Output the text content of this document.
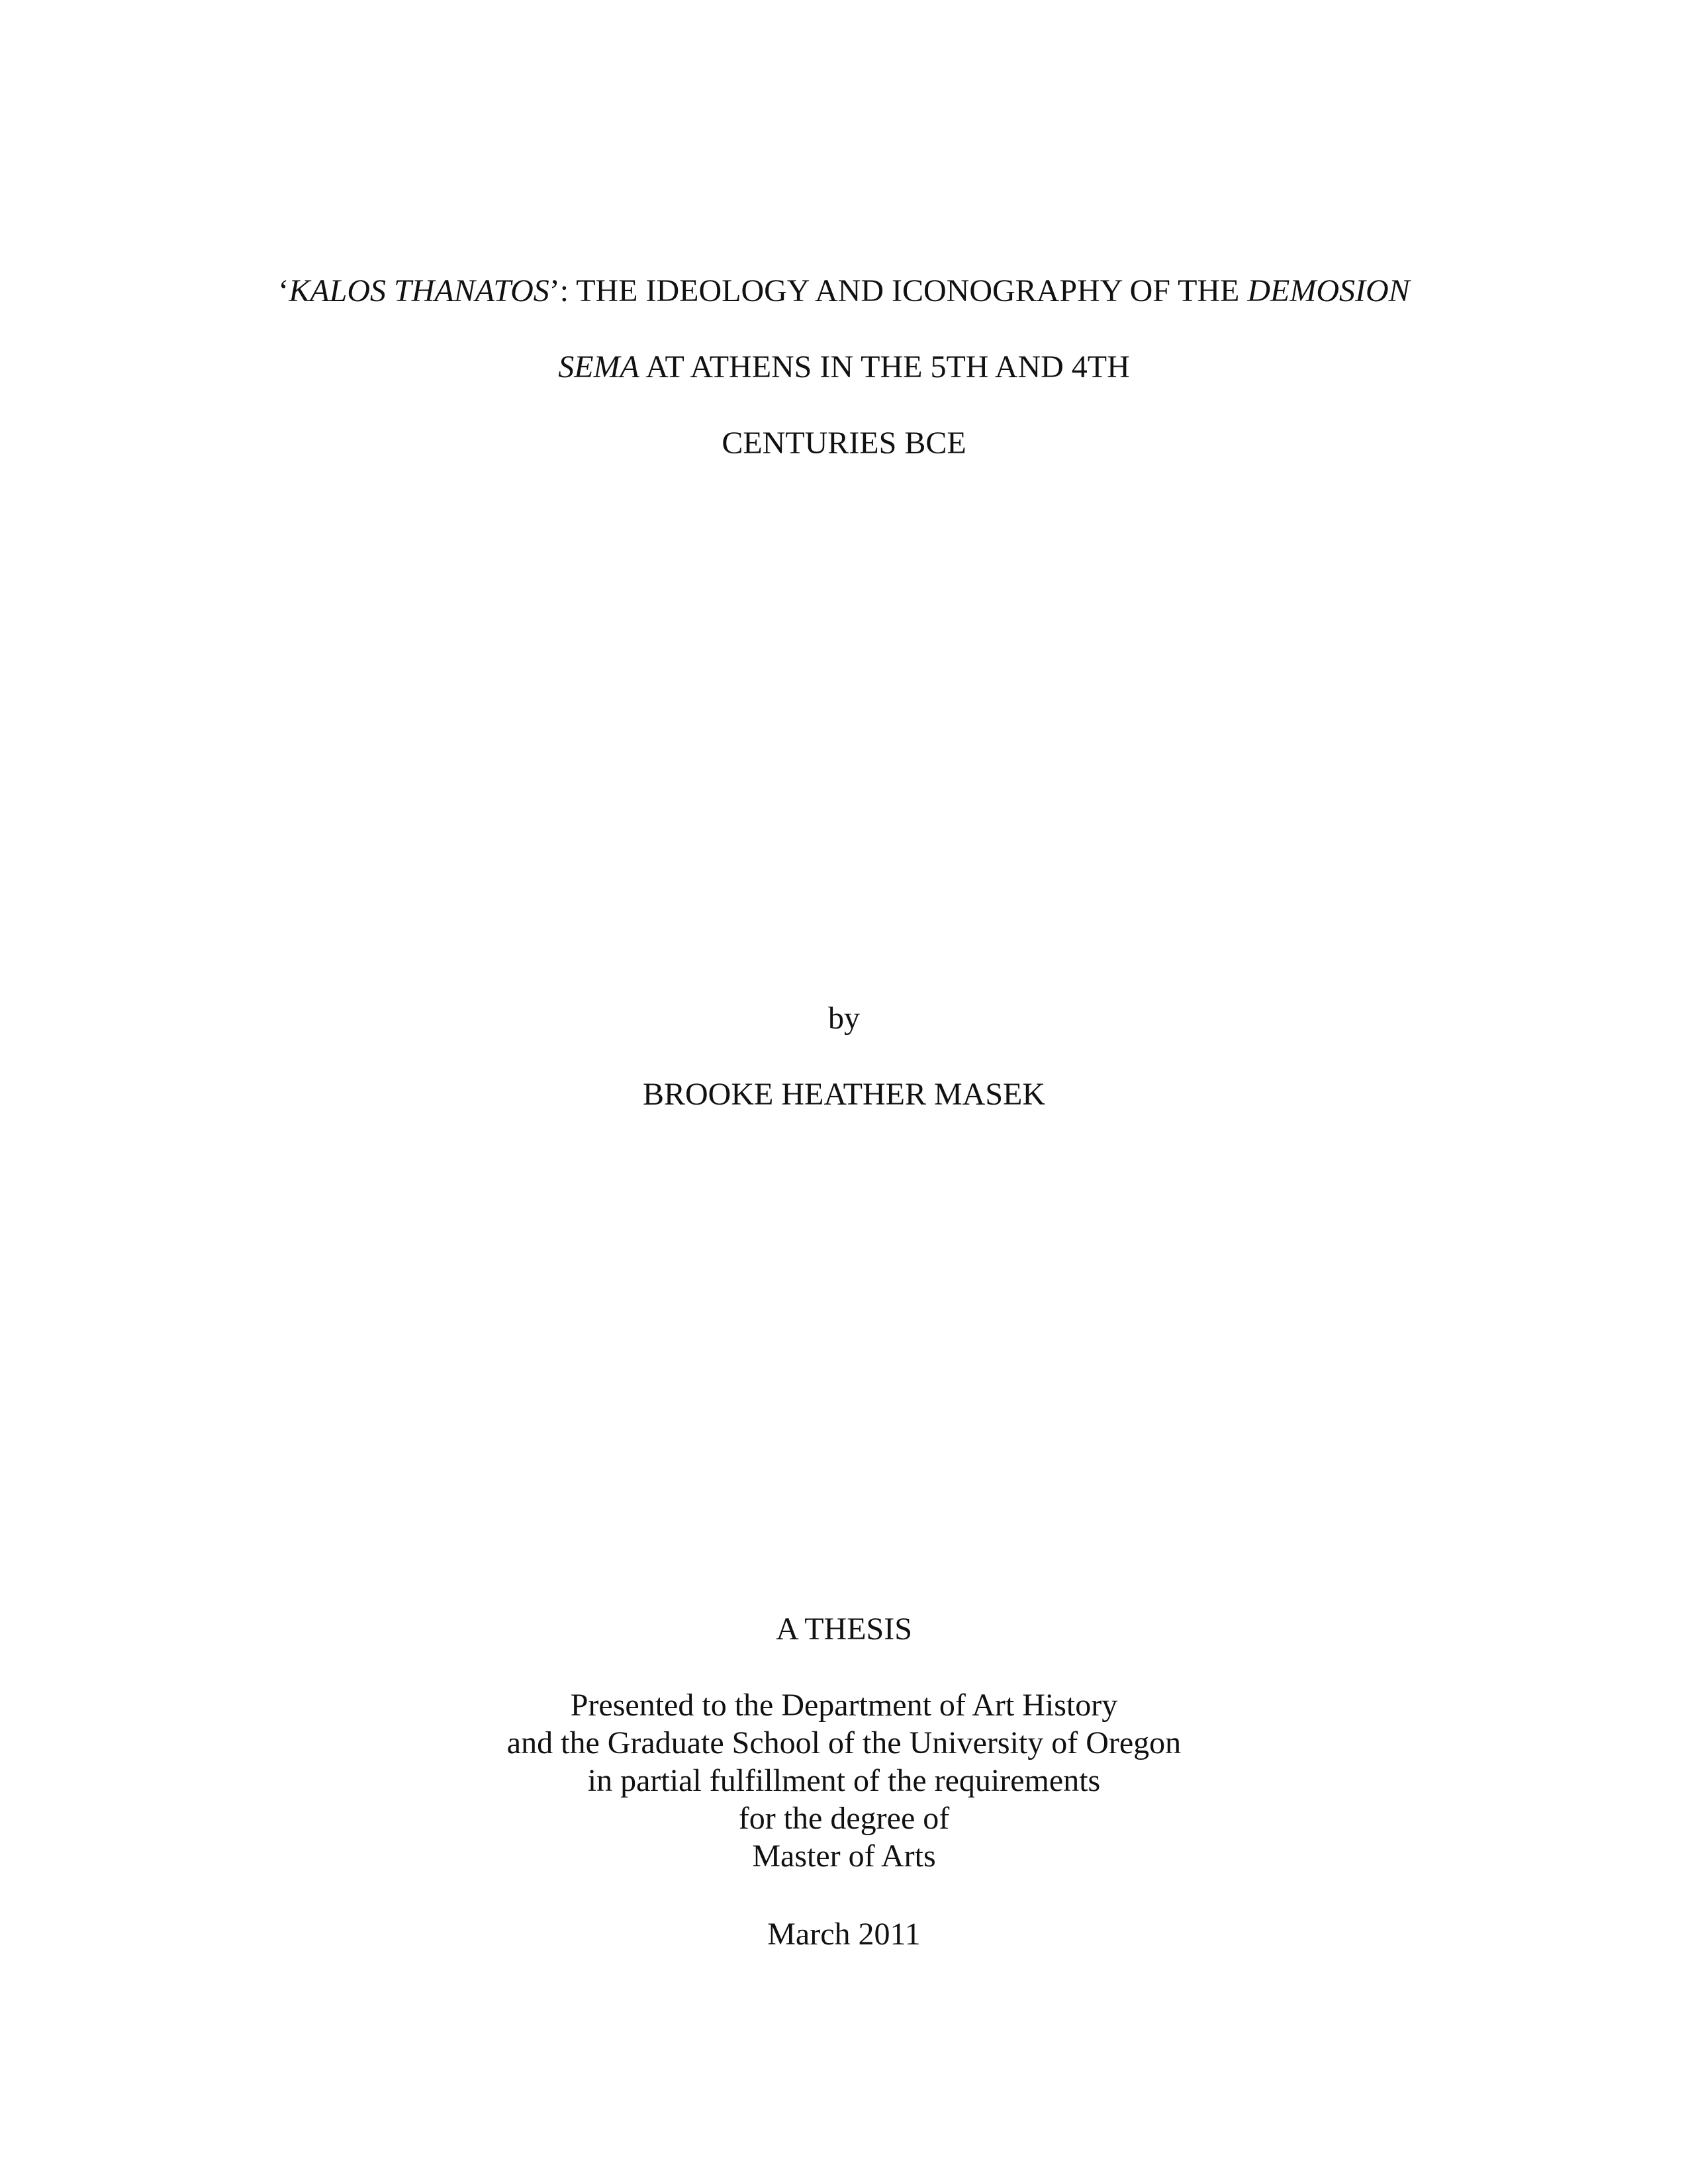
‘KALOS THANATOS’: THE IDEOLOGY AND ICONOGRAPHY OF THE DEMOSION
SEMA AT ATHENS IN THE 5TH AND 4TH
CENTURIES BCE
by
BROOKE HEATHER MASEK
A THESIS
Presented to the Department of Art History
and the Graduate School of the University of Oregon
in partial fulfillment of the requirements
for the degree of
Master of Arts
March 2011
